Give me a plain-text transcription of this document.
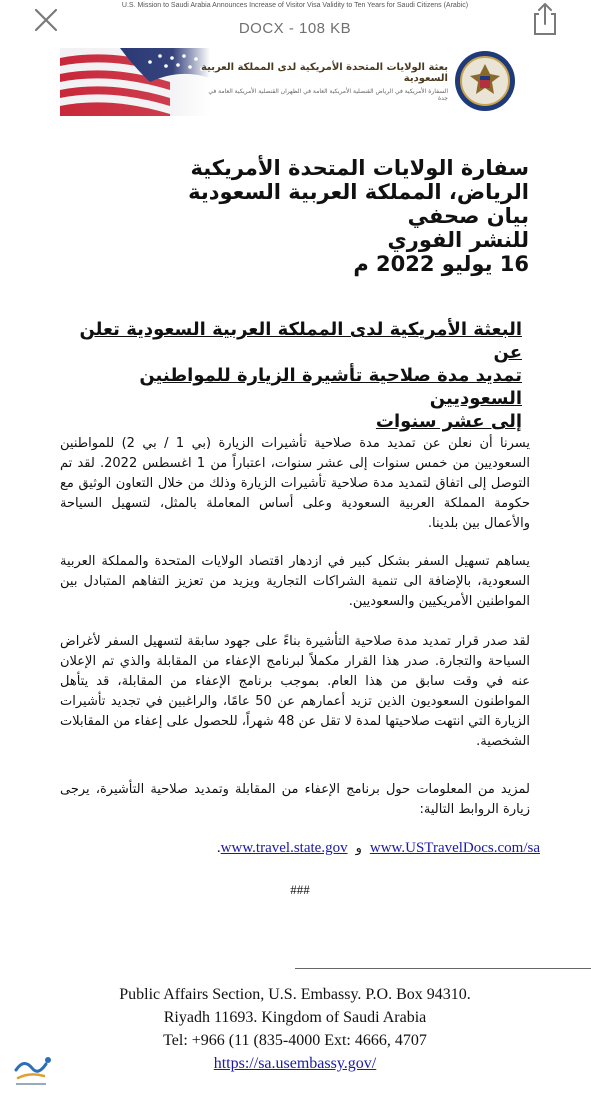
U.S. Mission to Saudi Arabia Announces Increase of Visitor Visa Validity to Ten Years for Saudi Citizens (Arabic)
DOCX - 108 KB
بعثة الولايات المتحدة الأمريكية لدى المملكة العربية السعودية
السفارة الأمريكية في الرياض القنصلية الأمريكية العامة في الظهران القنصلية الأمريكية العامة في جدة
سفارة الولايات المتحدة الأمريكية
الرياض، المملكة العربية السعودية
بيان صحفي
للنشر الفوري
16 يوليو 2022 م
البعثة الأمريكية لدى المملكة العربية السعودية تعلن عن
تمديد مدة صلاحية تأشيرة الزيارة للمواطنين السعوديين
إلى عشر سنوات
يسرنا أن نعلن عن تمديد مدة صلاحية تأشيرات الزيارة (بي 1 / بي 2) للمواطنين السعوديين من خمس سنوات إلى عشر سنوات، اعتباراً من 1 اغسطس 2022. لقد تم التوصل إلى اتفاق لتمديد مدة صلاحية تأشيرات الزيارة وذلك من خلال التعاون الوثيق مع حكومة المملكة العربية السعودية وعلى أساس المعاملة بالمثل، لتسهيل السياحة والأعمال بين بلدينا.
يساهم تسهيل السفر بشكل كبير في ازدهار اقتصاد الولايات المتحدة والمملكة العربية السعودية، بالإضافة الى تنمية الشراكات التجارية ويزيد من تعزيز التفاهم المتبادل بين المواطنين الأمريكيين والسعوديين.
لقد صدر قرار تمديد مدة صلاحية التأشيرة بناءً على جهود سابقة لتسهيل السفر لأغراض السياحة والتجارة. صدر هذا القرار مكملاً لبرنامج الإعفاء من المقابلة والذي تم الإعلان عنه في وقت سابق من هذا العام. بموجب برنامج الإعفاء من المقابلة، قد يتأهل المواطنون السعوديون الذين تزيد أعمارهم عن 50 عامًا، والراغبين في تجديد تأشيرات الزيارة التي انتهت صلاحيتها لمدة لا تقل عن 48 شهراً، للحصول على إعفاء من المقابلات الشخصية.
لمزيد من المعلومات حول برنامج الإعفاء من المقابلة وتمديد صلاحية التأشيرة، يرجى زيارة الروابط التالية:
www.USTravelDocs.com/saوwww.travel.state.gov.
###
Public Affairs Section, U.S. Embassy. P.O. Box 94310.
Riyadh 11693. Kingdom of Saudi Arabia
Tel: +966 (11 (835-4000 Ext: 4666, 4707
https://sa.usembassy.gov/
